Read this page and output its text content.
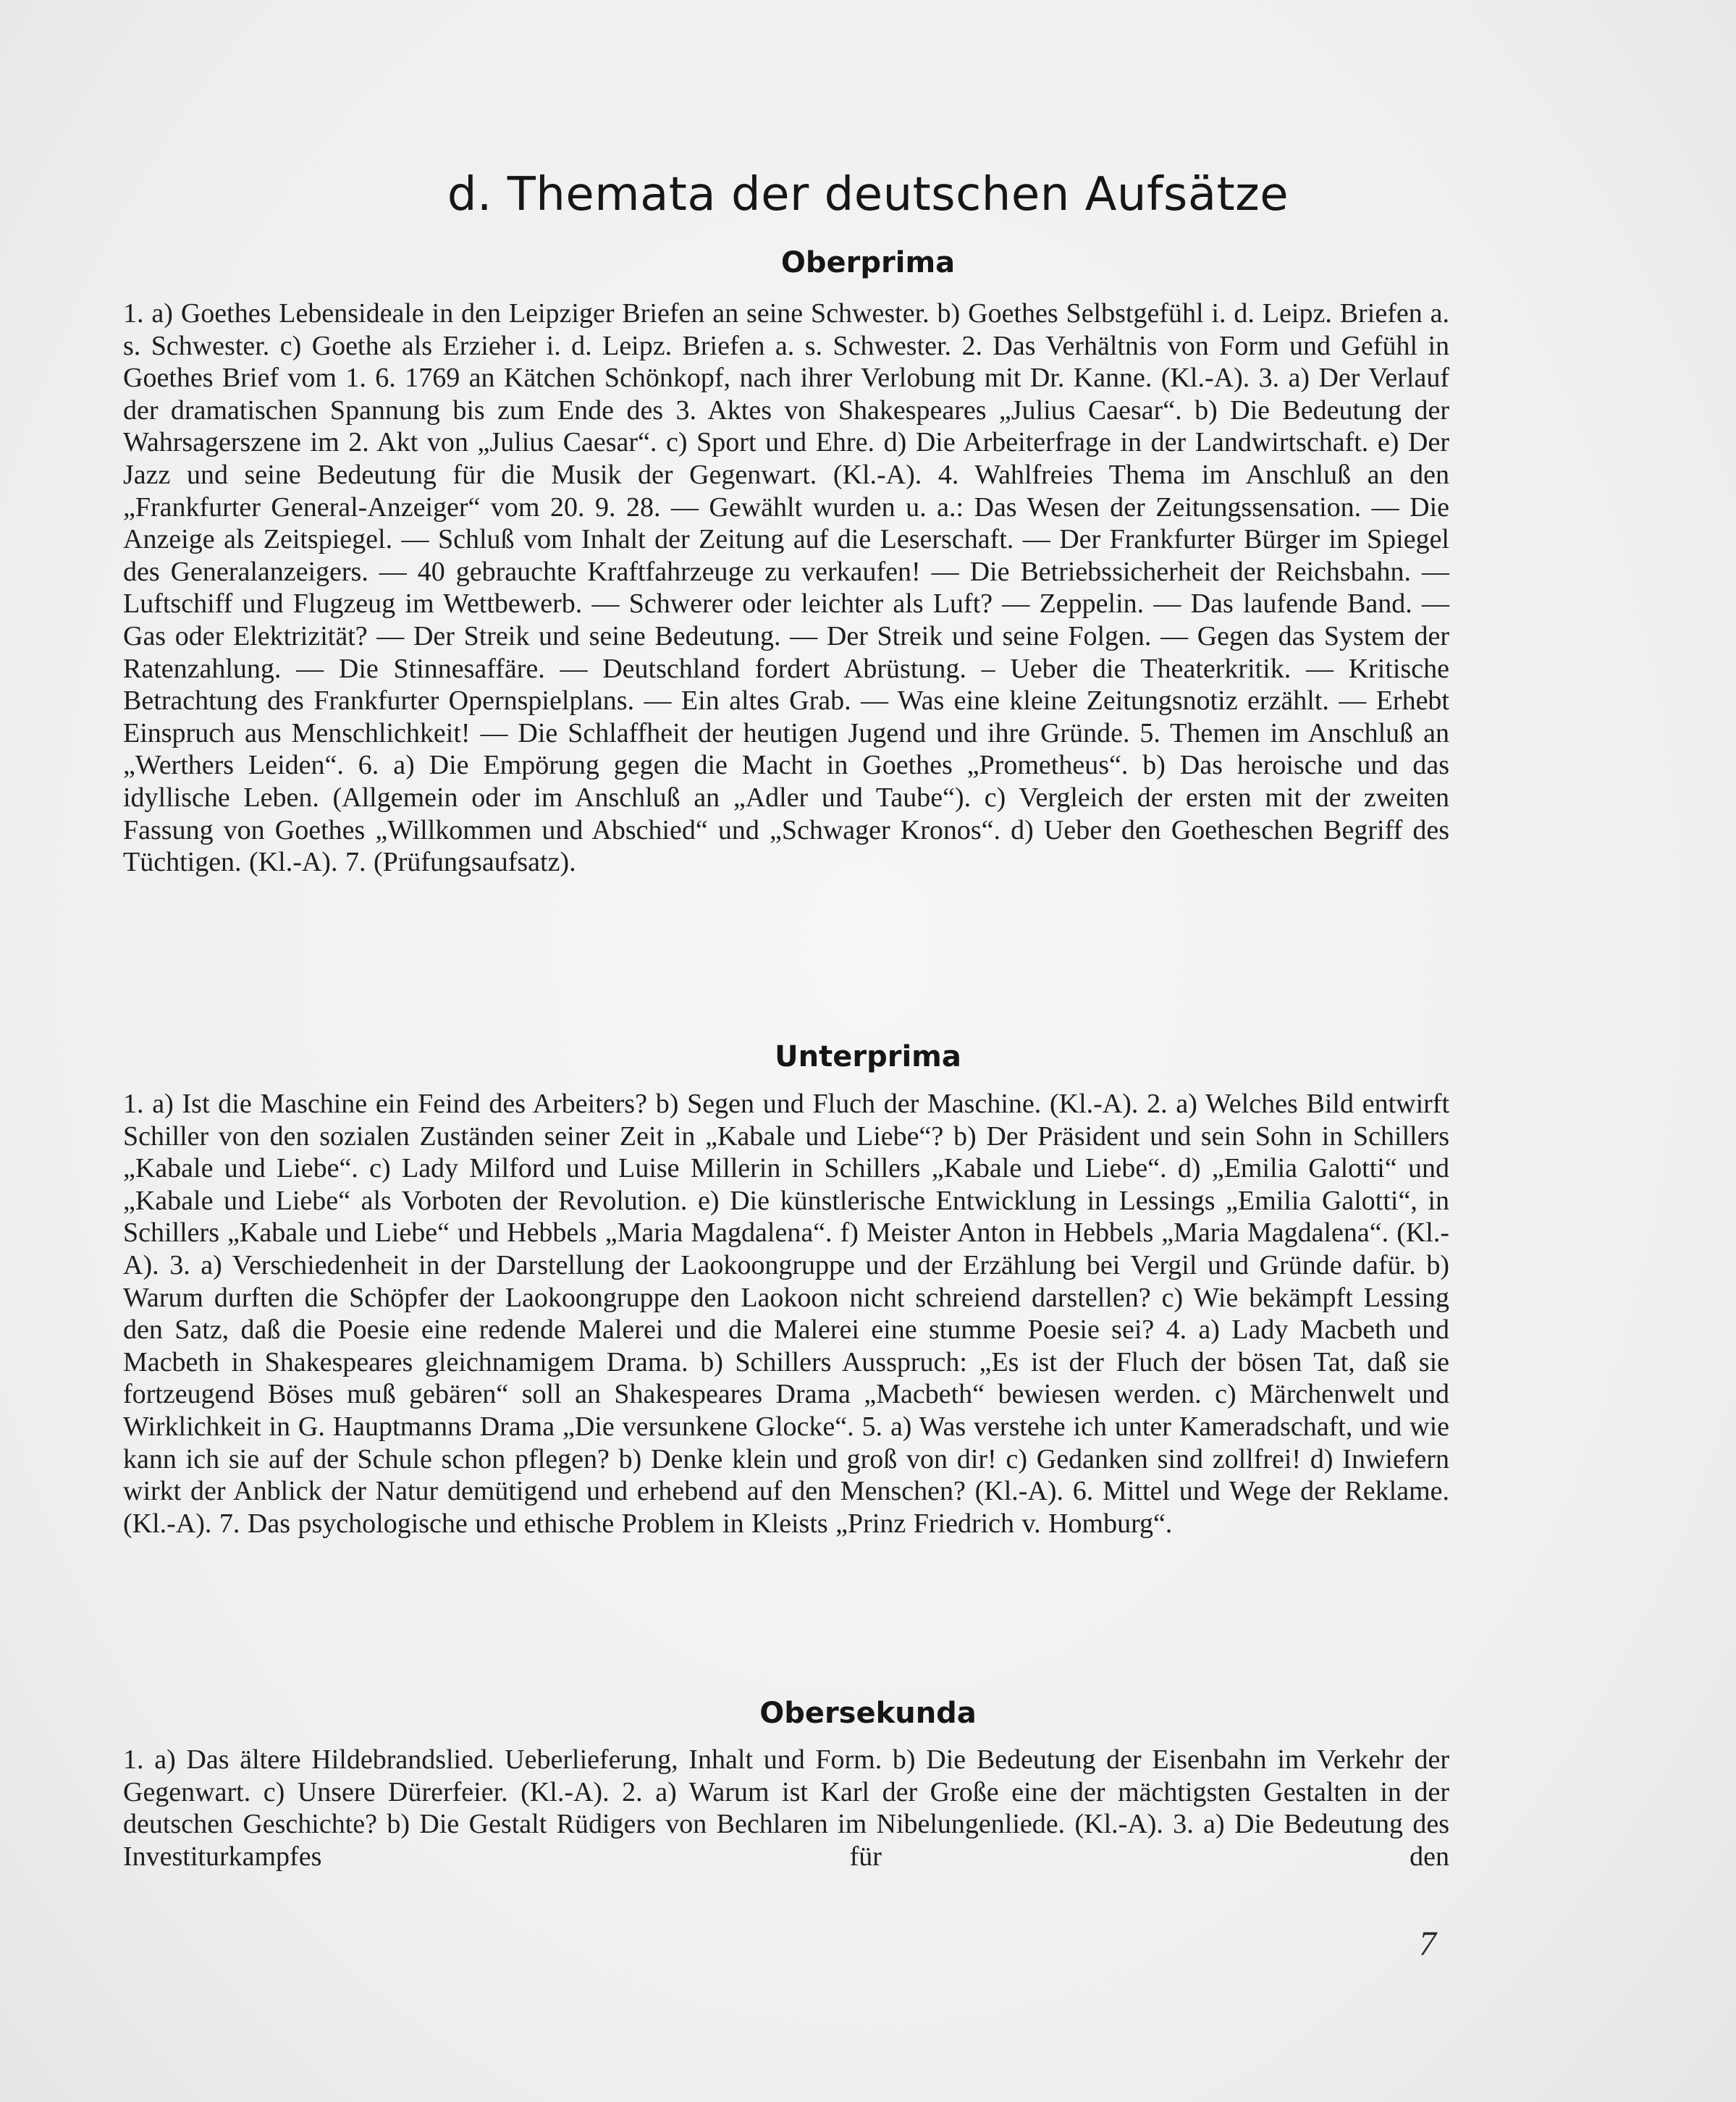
d. Themata der deutschen Aufsätze
Oberprima

1. a) Goethes Lebensideale in den Leipziger Briefen an seine Schwester. b) Goethes Selbstgefühl i. d. Leipz. Briefen a. s. Schwester. c) Goethe als Erzieher i. d. Leipz. Briefen a. s. Schwester. 2. Das Verhältnis von Form und Gefühl in Goethes Brief vom 1. 6. 1769 an Kätchen Schönkopf, nach ihrer Verlobung mit Dr. Kanne. (Kl.-A). 3. a) Der Verlauf der dramatischen Spannung bis zum Ende des 3. Aktes von Shakespeares „Julius Caesar“. b) Die Bedeutung der Wahrsagerszene im 2. Akt von „Julius Caesar“. c) Sport und Ehre. d) Die Arbeiterfrage in der Landwirtschaft. e) Der Jazz und seine Bedeutung für die Musik der Gegenwart. (Kl.-A). 4. Wahlfreies Thema im Anschluß an den „Frankfurter General-Anzeiger“ vom 20. 9. 28. — Gewählt wurden u. a.: Das Wesen der Zeitungssensation. — Die Anzeige als Zeitspiegel. — Schluß vom Inhalt der Zeitung auf die Leserschaft. — Der Frankfurter Bürger im Spiegel des Generalanzeigers. — 40 gebrauchte Kraftfahrzeuge zu verkaufen! — Die Betriebssicherheit der Reichsbahn. — Luftschiff und Flugzeug im Wettbewerb. — Schwerer oder leichter als Luft? — Zeppelin. — Das laufende Band. — Gas oder Elektrizität? — Der Streik und seine Bedeutung. — Der Streik und seine Folgen. — Gegen das System der Ratenzahlung. — Die Stinnesaffäre. — Deutschland fordert Abrüstung. – Ueber die Theaterkritik. — Kritische Betrachtung des Frankfurter Opernspielplans. — Ein altes Grab. — Was eine kleine Zeitungsnotiz erzählt. — Erhebt Einspruch aus Menschlichkeit! — Die Schlaffheit der heutigen Jugend und ihre Gründe. 5. Themen im Anschluß an „Werthers Leiden“. 6. a) Die Empörung gegen die Macht in Goethes „Prometheus“. b) Das heroische und das idyllische Leben. (Allgemein oder im Anschluß an „Adler und Taube“). c) Vergleich der ersten mit der zweiten Fassung von Goethes „Willkommen und Abschied“ und „Schwager Kronos“. d) Ueber den Goetheschen Begriff des Tüchtigen. (Kl.-A). 7. (Prüfungsaufsatz).

Unterprima

1. a) Ist die Maschine ein Feind des Arbeiters? b) Segen und Fluch der Maschine. (Kl.-A). 2. a) Welches Bild entwirft Schiller von den sozialen Zuständen seiner Zeit in „Kabale und Liebe“? b) Der Präsident und sein Sohn in Schillers „Kabale und Liebe“. c) Lady Milford und Luise Millerin in Schillers „Kabale und Liebe“. d) „Emilia Galotti“ und „Kabale und Liebe“ als Vorboten der Revolution. e) Die künstlerische Entwicklung in Lessings „Emilia Galotti“, in Schillers „Kabale und Liebe“ und Hebbels „Maria Magdalena“. f) Meister Anton in Hebbels „Maria Magdalena“. (Kl.-A). 3. a) Verschiedenheit in der Darstellung der Laokoongruppe und der Erzählung bei Vergil und Gründe dafür. b) Warum durften die Schöpfer der Laokoongruppe den Laokoon nicht schreiend darstellen? c) Wie bekämpft Lessing den Satz, daß die Poesie eine redende Malerei und die Malerei eine stumme Poesie sei? 4. a) Lady Macbeth und Macbeth in Shakespeares gleichnamigem Drama. b) Schillers Ausspruch: „Es ist der Fluch der bösen Tat, daß sie fortzeugend Böses muß gebären“ soll an Shakespeares Drama „Macbeth“ bewiesen werden. c) Märchenwelt und Wirklichkeit in G. Hauptmanns Drama „Die versunkene Glocke“. 5. a) Was verstehe ich unter Kameradschaft, und wie kann ich sie auf der Schule schon pflegen? b) Denke klein und groß von dir! c) Gedanken sind zollfrei! d) Inwiefern wirkt der Anblick der Natur demütigend und erhebend auf den Menschen? (Kl.-A). 6. Mittel und Wege der Reklame. (Kl.-A). 7. Das psychologische und ethische Problem in Kleists „Prinz Friedrich v. Homburg“.

Obersekunda

1. a) Das ältere Hildebrandslied. Ueberlieferung, Inhalt und Form. b) Die Bedeutung der Eisenbahn im Verkehr der Gegenwart. c) Unsere Dürerfeier. (Kl.-A). 2. a) Warum ist Karl der Große eine der mächtigsten Gestalten in der deutschen Geschichte? b) Die Gestalt Rüdigers von Bechlaren im Nibelungenliede. (Kl.-A). 3. a) Die Bedeutung des Investiturkampfes für den

7
